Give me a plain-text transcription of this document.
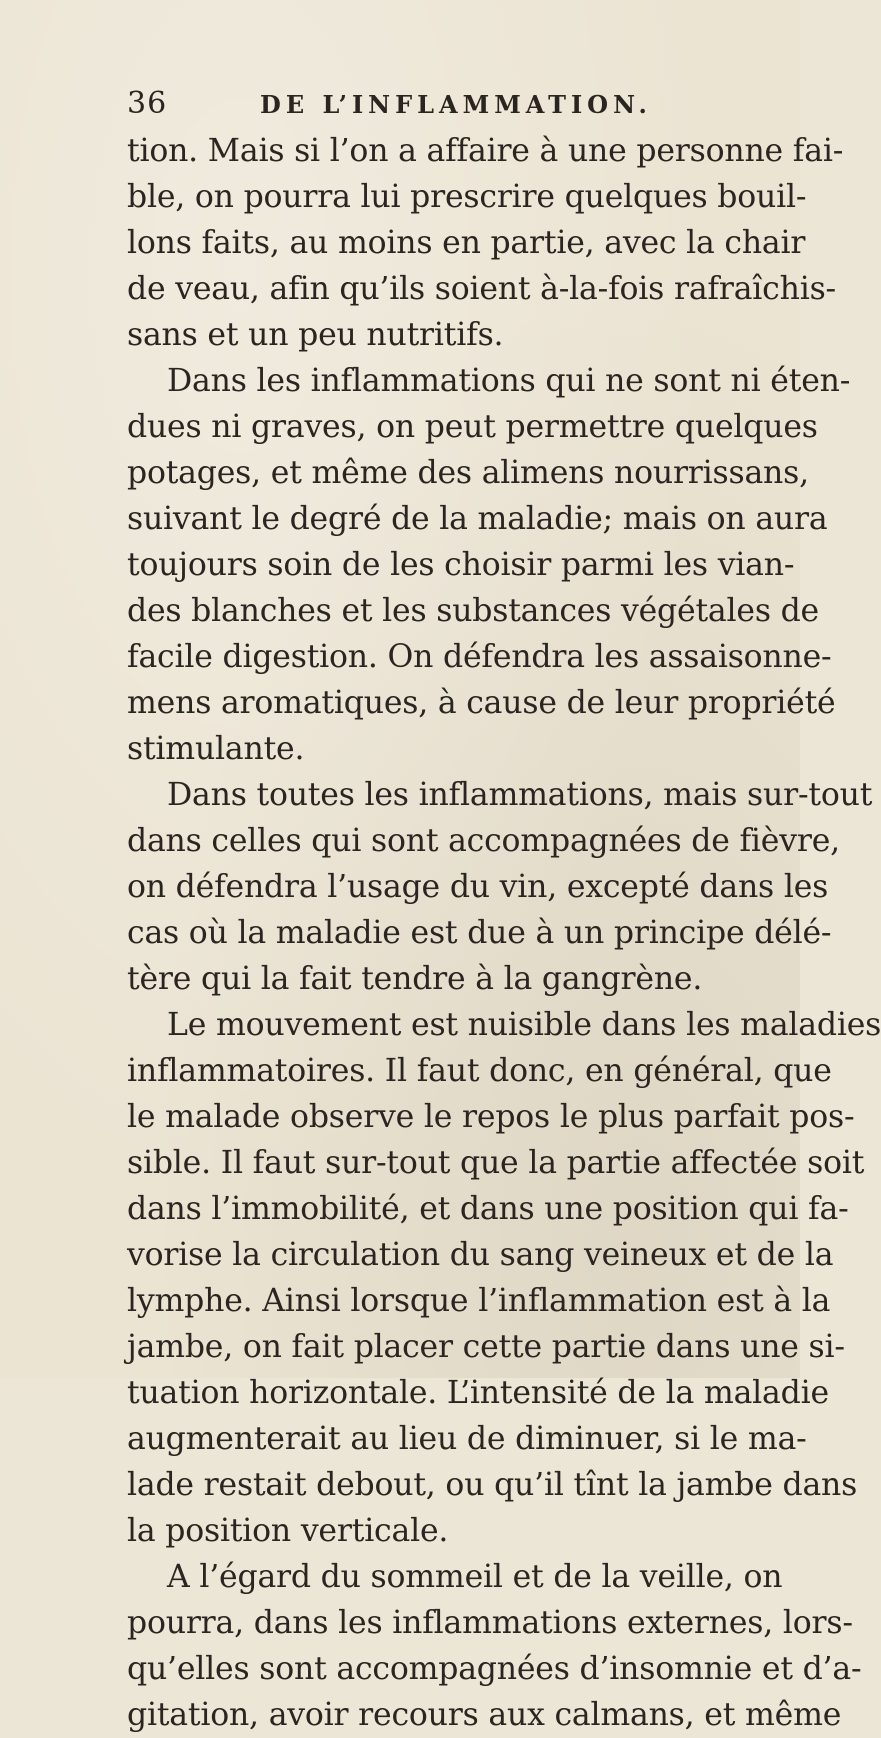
36	DE L’INFLAMMATION.
tion. Mais si l’on a affaire à une personne fai-
ble, on pourra lui prescrire quelques bouil-
lons faits, au moins en partie, avec la chair
de veau, afin qu’ils soient à-la-fois rafraîchis-
sans et un peu nutritifs.
Dans les inflammations qui ne sont ni éten-
dues ni graves, on peut permettre quelques
potages, et même des alimens nourrissans,
suivant le degré de la maladie; mais on aura
toujours soin de les choisir parmi les vian-
des blanches et les substances végétales de
facile digestion. On défendra les assaisonne-
mens aromatiques, à cause de leur propriété
stimulante.
Dans toutes les inflammations, mais sur-tout
dans celles qui sont accompagnées de fièvre,
on défendra l’usage du vin, excepté dans les
cas où la maladie est due à un principe délé-
tère qui la fait tendre à la gangrène.
Le mouvement est nuisible dans les maladies
inflammatoires. Il faut donc, en général, que
le malade observe le repos le plus parfait pos-
sible. Il faut sur-tout que la partie affectée soit
dans l’immobilité, et dans une position qui fa-
vorise la circulation du sang veineux et de la
lymphe. Ainsi lorsque l’inflammation est à la
jambe, on fait placer cette partie dans une si-
tuation horizontale. L’intensité de la maladie
augmenterait au lieu de diminuer, si le ma-
lade restait debout, ou qu’il tînt la jambe dans
la position verticale.
A l’égard du sommeil et de la veille, on
pourra, dans les inflammations externes, lors-
qu’elles sont accompagnées d’insomnie et d’a-
gitation, avoir recours aux calmans, et même
